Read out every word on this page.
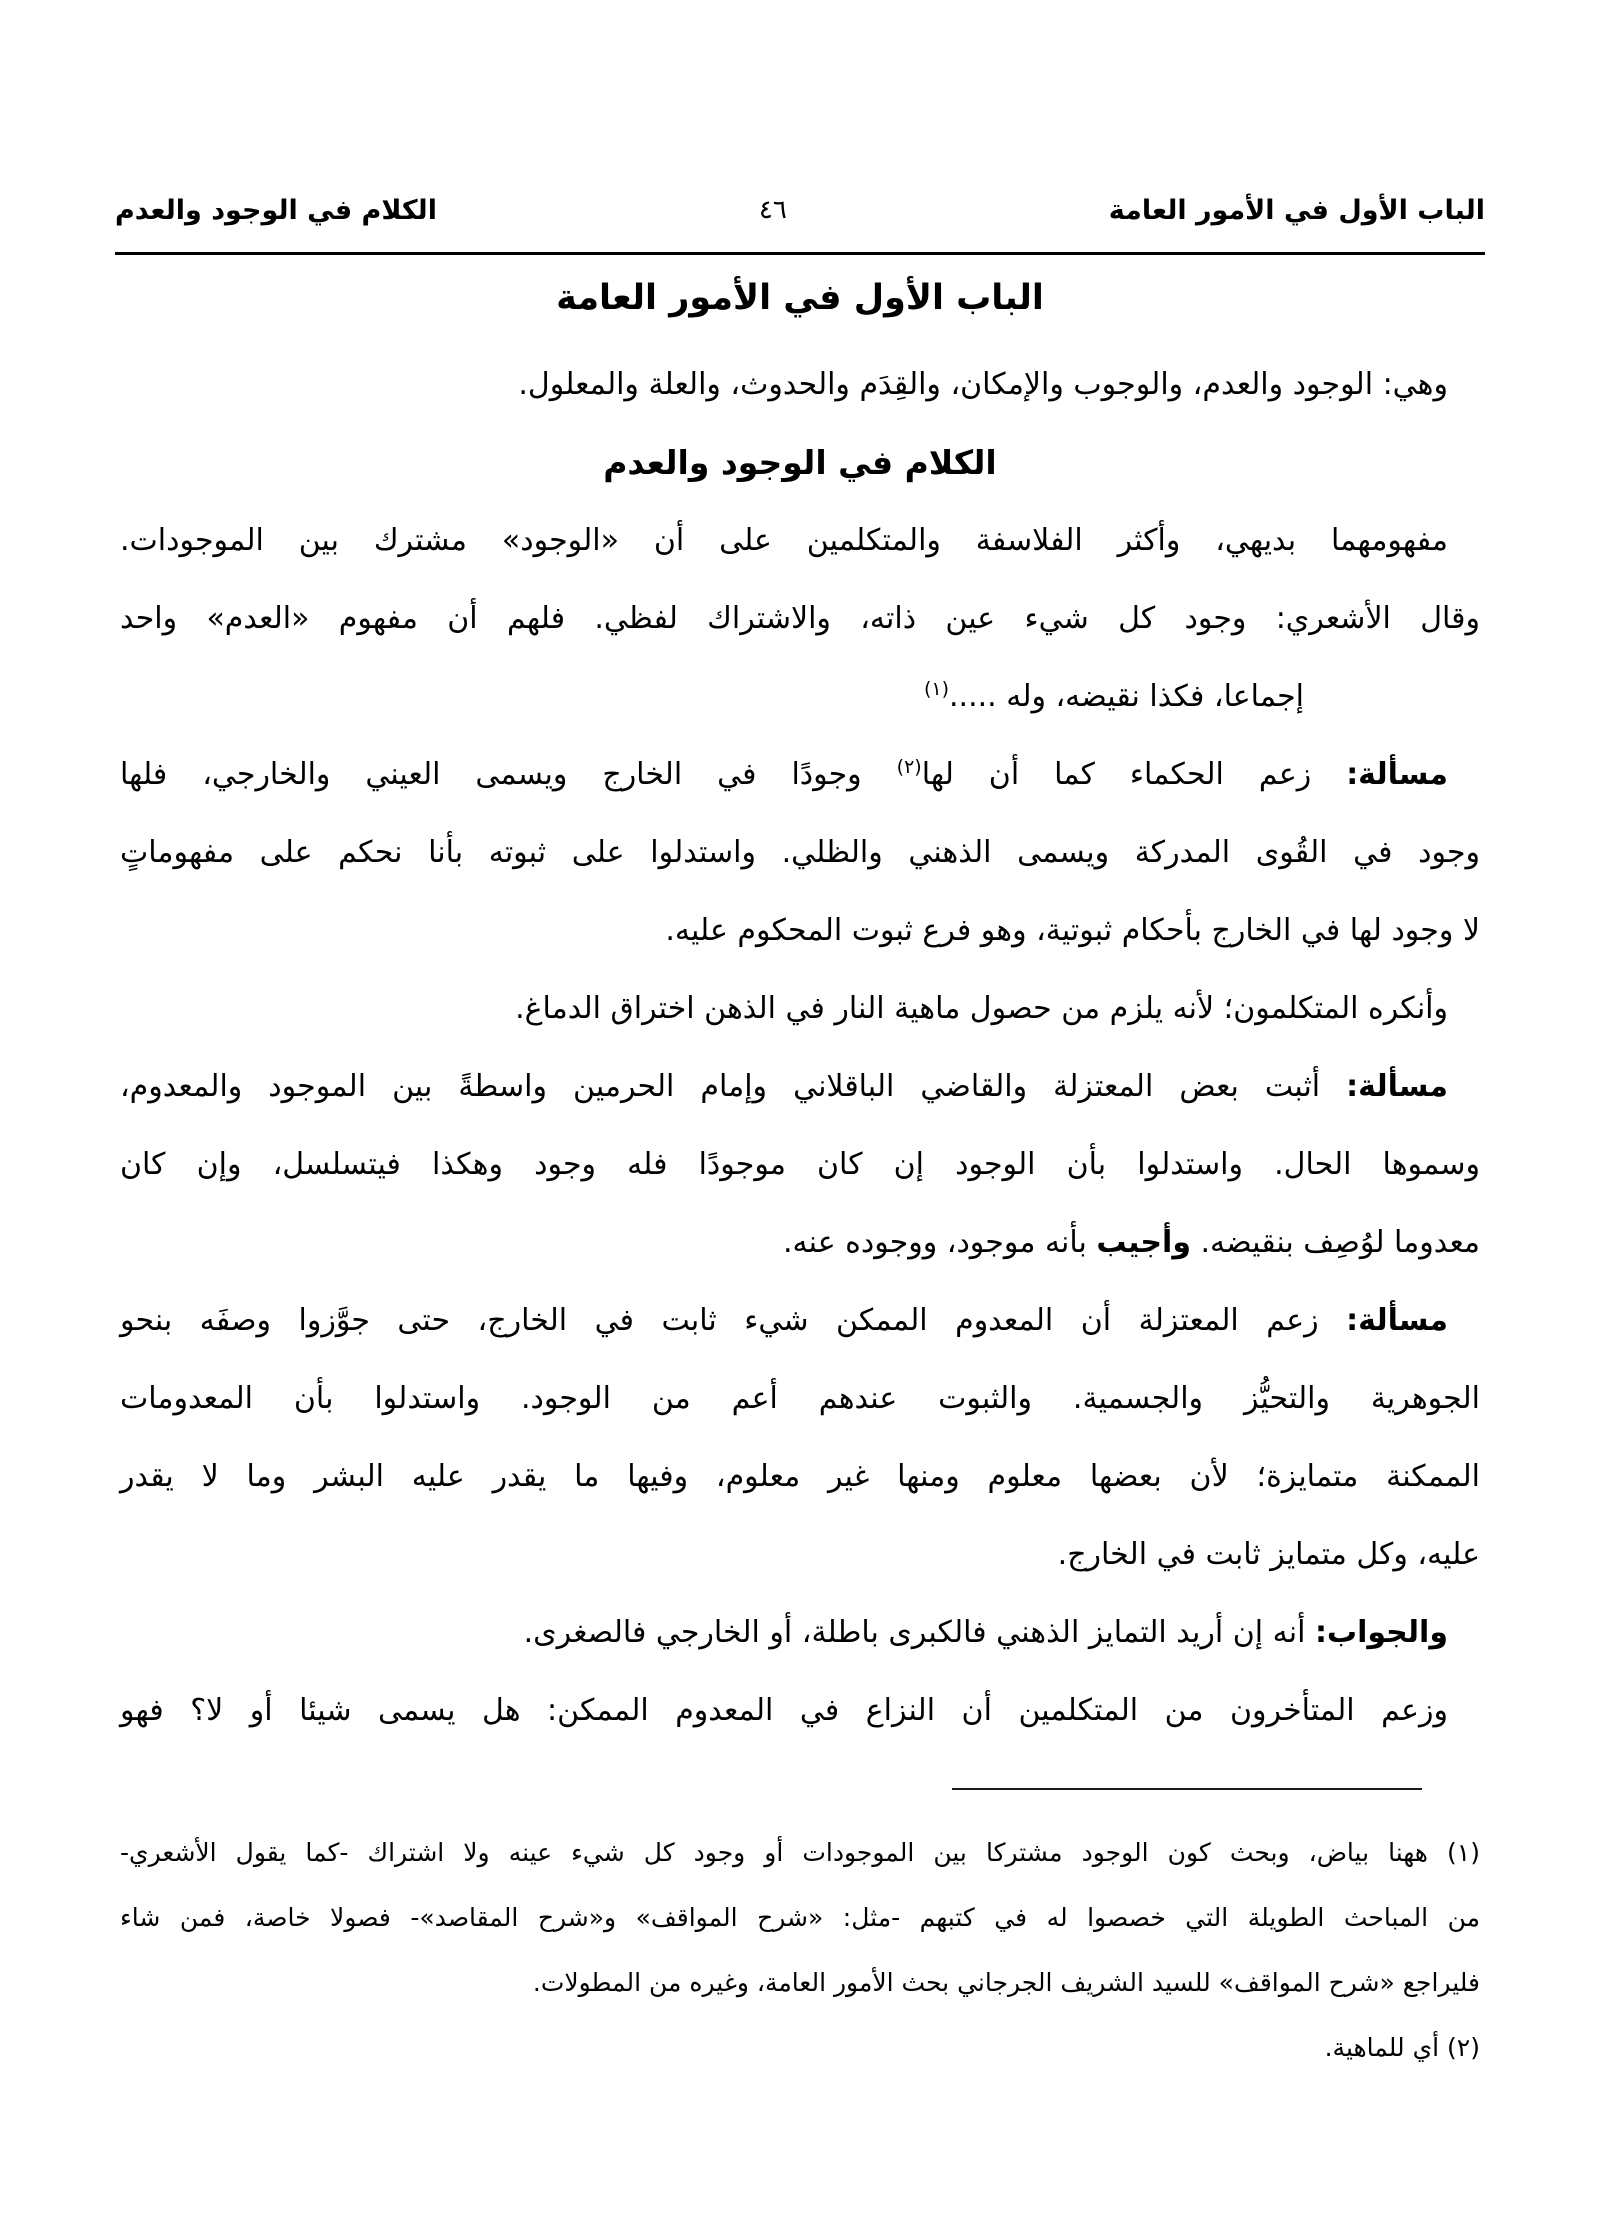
الباب الأول في الأمور العامة
٤٦
الكلام في الوجود والعدم
الباب الأول في الأمور العامة
وهي: الوجود والعدم، والوجوب والإمكان، والقِدَم والحدوث، والعلة والمعلول.
الكلام في الوجود والعدم
مفهومهما بديهي، وأكثر الفلاسفة والمتكلمين على أن «الوجود» مشترك بين الموجودات.
وقال الأشعري: وجود كل شيء عين ذاته، والاشتراك لفظي. فلهم أن مفهوم «العدم» واحد
إجماعا، فكذا نقيضه، وله .....$^{(١)}$
مسألة: زعم الحكماء كما أن لها$^{(٢)}$ وجودًا في الخارج ويسمى العيني والخارجي، فلها
وجود في القُوى المدركة ويسمى الذهني والظلي. واستدلوا على ثبوته بأنا نحكم على مفهوماتٍ
لا وجود لها في الخارج بأحكام ثبوتية، وهو فرع ثبوت المحكوم عليه.
وأنكره المتكلمون؛ لأنه يلزم من حصول ماهية النار في الذهن اختراق الدماغ.
مسألة: أثبت بعض المعتزلة والقاضي الباقلاني وإمام الحرمين واسطةً بين الموجود والمعدوم،
وسموها الحال. واستدلوا بأن الوجود إن كان موجودًا فله وجود وهكذا فيتسلسل، وإن كان
معدوما لوُصِف بنقيضه. وأجيب بأنه موجود، ووجوده عنه.
مسألة: زعم المعتزلة أن المعدوم الممكن شيء ثابت في الخارج، حتى جوَّزوا وصفَه بنحو
الجوهرية والتحيُّز والجسمية. والثبوت عندهم أعم من الوجود. واستدلوا بأن المعدومات
الممكنة متمايزة؛ لأن بعضها معلوم ومنها غير معلوم، وفيها ما يقدر عليه البشر وما لا يقدر
عليه، وكل متمايز ثابت في الخارج.
والجواب: أنه إن أريد التمايز الذهني فالكبرى باطلة، أو الخارجي فالصغرى.
وزعم المتأخرون من المتكلمين أن النزاع في المعدوم الممكن: هل يسمى شيئا أو لا؟ فهو
(١) ههنا بياض، وبحث كون الوجود مشتركا بين الموجودات أو وجود كل شيء عينه ولا اشتراك -كما يقول الأشعري-
من المباحث الطويلة التي خصصوا له في كتبهم -مثل: «شرح المواقف» و«شرح المقاصد»- فصولا خاصة، فمن شاء
فليراجع «شرح المواقف» للسيد الشريف الجرجاني بحث الأمور العامة، وغيره من المطولات.
(٢) أي للماهية.
